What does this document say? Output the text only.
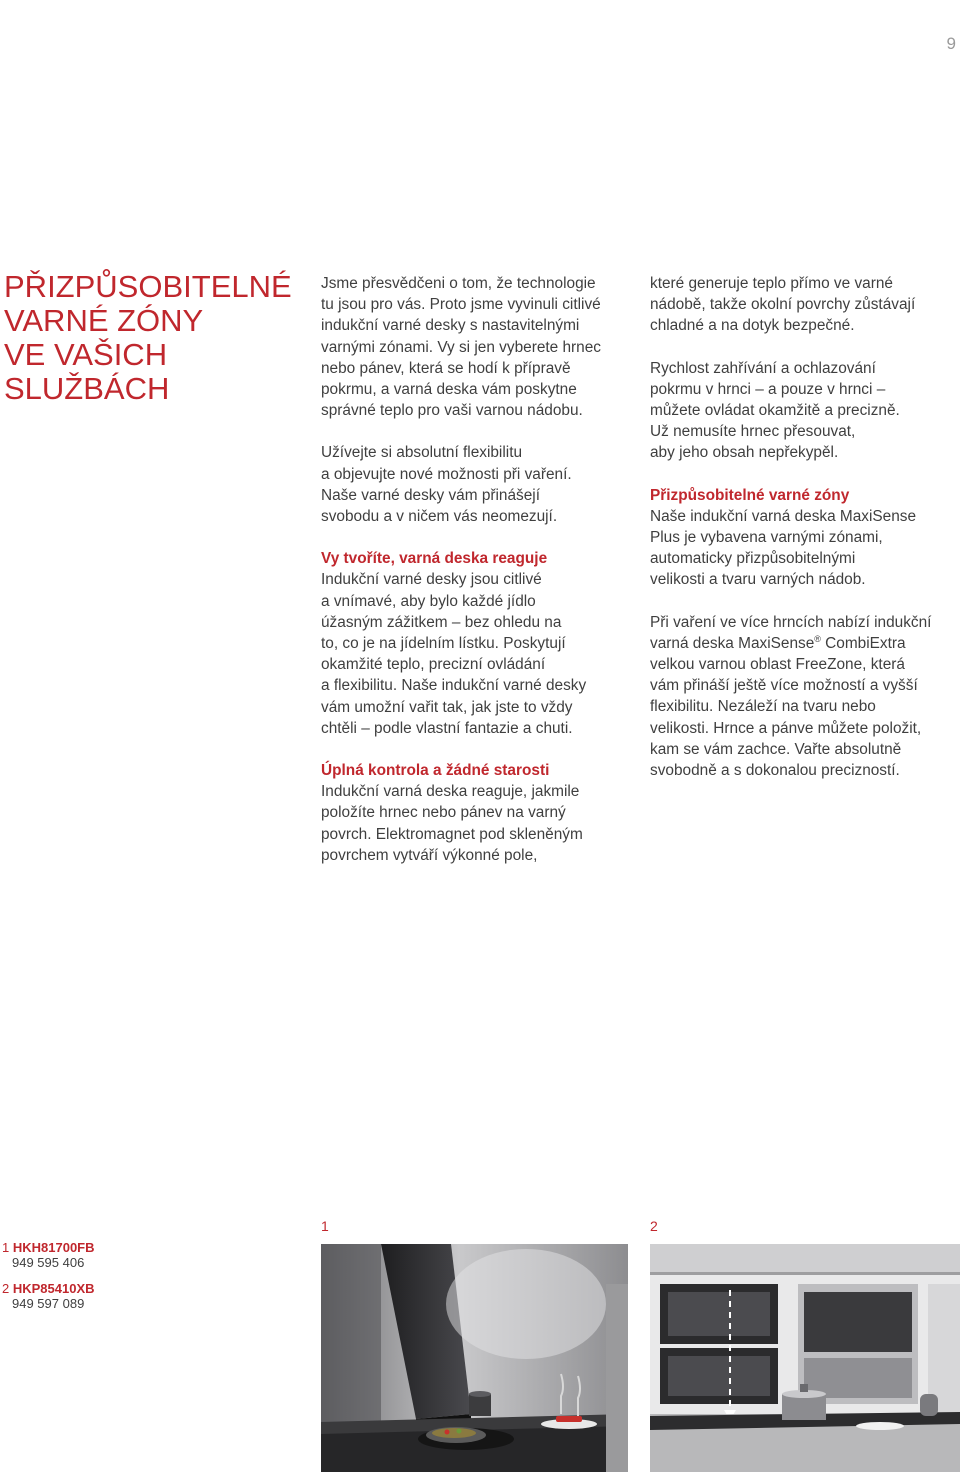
9
PŘIZPŮSOBITELNÉ
VARNÉ ZÓNY
VE VAŠICH
SLUŽBÁCH

Jsme přesvědčeni o tom, že technologie
tu jsou pro vás. Proto jsme vyvinuli citlivé
indukční varné desky s nastavitelnými
varnými zónami. Vy si jen vyberete hrnec
nebo pánev, která se hodí k přípravě
pokrmu, a varná deska vám poskytne
správné teplo pro vaši varnou nádobu.

Užívejte si absolutní flexibilitu
a objevujte nové možnosti při vaření.
Naše varné desky vám přinášejí
svobodu a v ničem vás neomezují.

Vy tvoříte, varná deska reaguje
Indukční varné desky jsou citlivé
a vnímavé, aby bylo každé jídlo
úžasným zážitkem – bez ohledu na
to, co je na jídelním lístku. Poskytují
okamžité teplo, precizní ovládání
a flexibilitu. Naše indukční varné desky
vám umožní vařit tak, jak jste to vždy
chtěli – podle vlastní fantazie a chuti.

Úplná kontrola a žádné starosti
Indukční varná deska reaguje, jakmile
položíte hrnec nebo pánev na varný
povrch. Elektromagnet pod skleněným
povrchem vytváří výkonné pole,

které generuje teplo přímo ve varné
nádobě, takže okolní povrchy zůstávají
chladné a na dotyk bezpečné.

Rychlost zahřívání a ochlazování
pokrmu v hrnci – a pouze v hrnci –
můžete ovládat okamžitě a precizně.
Už nemusíte hrnec přesouvat,
aby jeho obsah nepřekypěl.

Přizpůsobitelné varné zóny
Naše indukční varná deska MaxiSense
Plus je vybavena varnými zónami,
automaticky přizpůsobitelnými
velikosti a tvaru varných nádob.

Při vaření ve více hrncích nabízí indukční
varná deska MaxiSense® CombiExtra
velkou varnou oblast FreeZone, která
vám přináší ještě více možností a vyšší
flexibilitu. Nezáleží na tvaru nebo
velikosti. Hrnce a pánve můžete položit,
kam se vám zachce. Vařte absolutně
svobodně a s dokonalou precizností.

1 HKH81700FB
949 595 406
2 HKP85410XB
949 597 089
1	2
